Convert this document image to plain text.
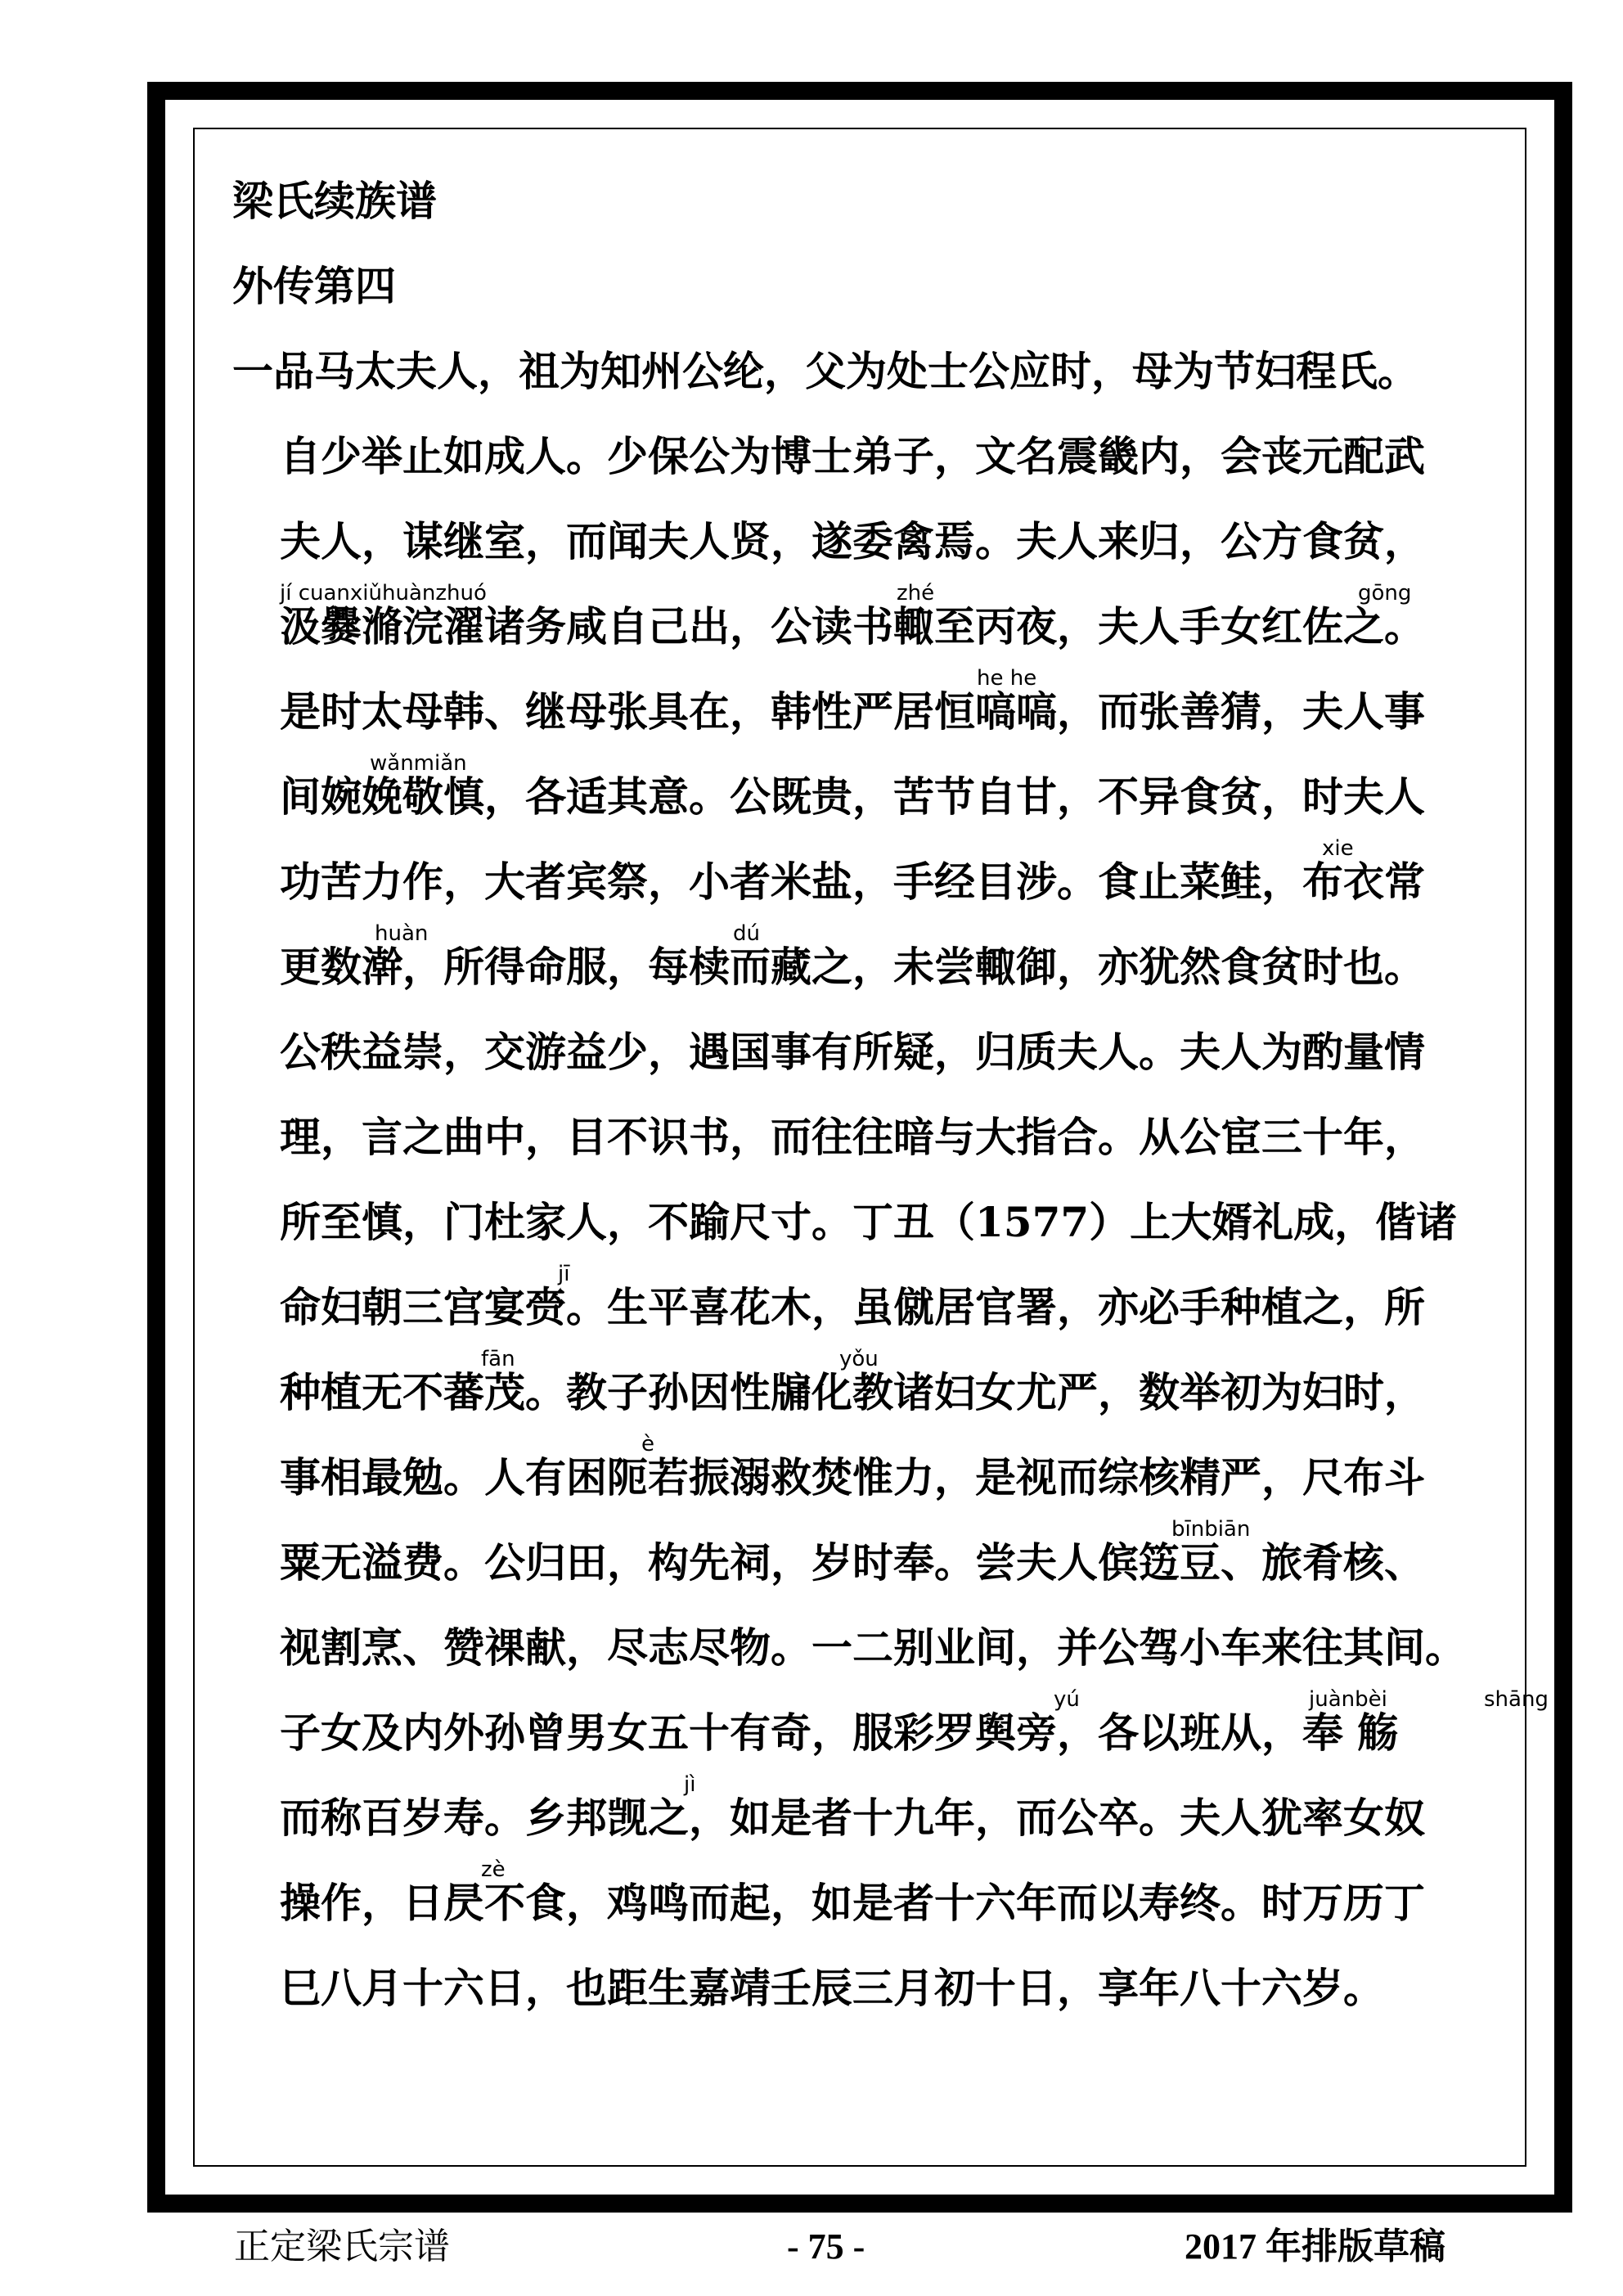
梁氏续族谱
外传第四
一品马太夫人，祖为知州公纶，父为处士公应时，母为节妇程氏。
自少举止如成人。少保公为博士弟子，文名震畿内，会丧元配武
夫人，谋继室，而闻夫人贤，遂委禽焉。夫人来归，公方食贫，
jí cuanxiǔhuànzhuó	zhé	gōng
汲爨滫浣濯诸务咸自己出，公读书輙至丙夜，夫人手女红佐之。
he he
是时太母韩、继母张具在，韩性严居恒嗃嗃，而张善猜，夫人事
wǎnmiǎn
间婉娩敬慎，各适其意。公既贵，苦节自甘，不异食贫，时夫人
xie
功苦力作，大者宾祭，小者米盐，手经目涉。食止菜鲑，布衣常
huàn	dú
更数澣，所得命服，每椟而藏之，未尝輙御，亦犹然食贫时也。
公秩益崇，交游益少，遇国事有所疑，归质夫人。夫人为酌量情
理，言之曲中，目不识书，而往往暗与大指合。从公宦三十年，
所至慎，门杜家人，不踰尺寸。丁丑（1577）上大婿礼成，偕诸
jī
命妇朝三宫宴赍。生平喜花木，虽僦居官署，亦必手种植之，所
fān	yǒu
种植无不蕃茂。教子孙因性牖化教诸妇女尤严，数举初为妇时，
è
事相最勉。人有困阨若振溺救焚惟力，是视而综核精严，尺布斗
bīnbiān
粟无溢费。公归田，构先祠，岁时奉。尝夫人傧笾豆、旅肴核、
视割烹、赞祼献，尽志尽物。一二别业间，并公驾小车来往其间。
yú	juànbèi	shāng
子女及内外孙曾男女五十有奇，服彩罗舆旁，各以班从，奉 觞
jì
而称百岁寿。乡邦觊之，如是者十九年，而公卒。夫人犹率女奴
zè
操作，日昃不食，鸡鸣而起，如是者十六年而以寿终。时万历丁
巳八月十六日，也距生嘉靖壬辰三月初十日，享年八十六岁。
正定梁氏宗谱	- 75 -	2017 年排版草稿
